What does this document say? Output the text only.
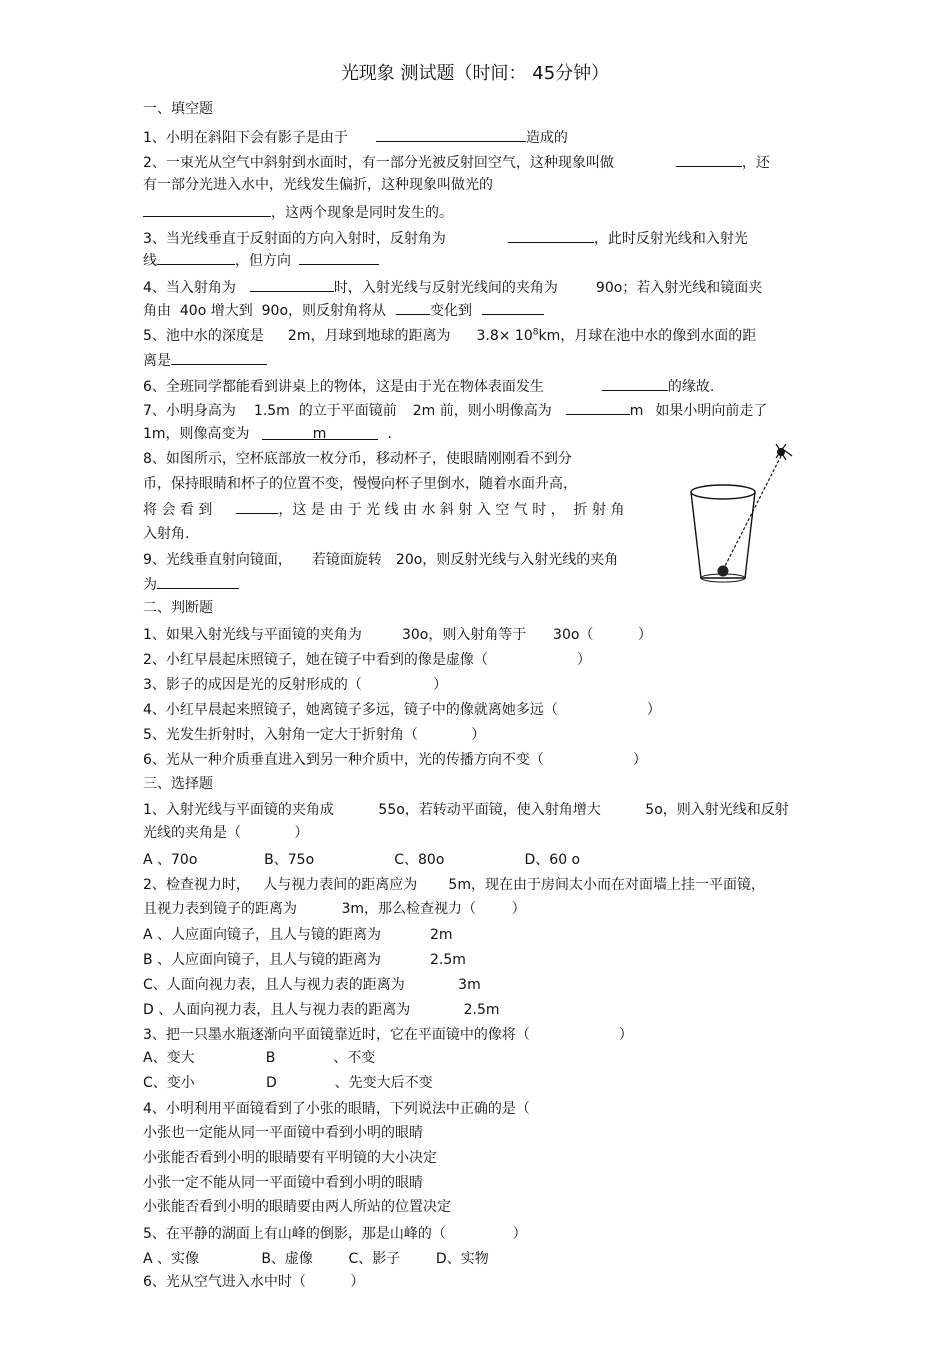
光现象 测试题（时间： 45分钟）
一、填空题
1、小明在斜阳下会有影子是由于	造成的
2、一束光从空气中斜射到水面时，有一部分光被反射回空气，这种现象叫做	，还
有一部分光进入水中，光线发生偏折，这种现象叫做光的
，这两个现象是同时发生的。
3、当光线垂直于反射面的方向入射时，反射角为	，此时反射光线和入射光
线	，但方向
4、当入射角为	时，入射光线与反射光线间的夹角为	90o；若入射光线和镜面夹
角由  40o 增大到  90o，则反射角将从	变化到
5、池中水的深度是 2m，月球到地球的距离为 $3.8\times 10^8km$，月球在池中水的像到水面的距
离是
6、全班同学都能看到讲桌上的物体，这是由于光在物体表面发生	的缘故.
7、小明身高为 1.5m  的立于平面镜前 2m 前，则小明像高为	m 如果小明向前走了
1m，则像高变为	m	.
8、如图所示，空杯底部放一枚分币，移动杯子，使眼睛刚刚看不到分
币，保持眼睛和杯子的位置不变，慢慢向杯子里倒水，随着水面升高，
将 会 看 到	，这 是 由 于 光 线 由 水 斜 射 入 空 气 时 ，  折 射 角
入射角.
9、光线垂直射向镜面， 若镜面旋转 20o，则反射光线与入射光线的夹角
为
二、判断题
1、如果入射光线与平面镜的夹角为         30o，则入射角等于      30o（          ）
2、小红早晨起床照镜子，她在镜子中看到的像是虚像（                    ）
3、影子的成因是光的反射形成的（                ）
4、小红早晨起来照镜子，她离镜子多远，镜子中的像就离她多远（                    ）
5、光发生折射时，入射角一定大于折射角（            ）
6、光从一种介质垂直进入到另一种介质中，光的传播方向不变（                    ）
三、选择题
1、入射光线与平面镜的夹角成          55o，若转动平面镜，使入射角增大          5o，则入射光线和反射
光线的夹角是（            ）
A 、70o               B、75o                  C、80o                  D、60 o
2、检查视力时，   人与视力表间的距离应为       5m，现在由于房间太小而在对面墙上挂一平面镜，
且视力表到镜子的距离为          3m，那么检查视力（        ）
A 、人应面向镜子，且人与镜的距离为           2m
B 、人应面向镜子，且人与镜的距离为           2.5m
C、人面向视力表，且人与视力表的距离为            3m
D 、人面向视力表，且人与视力表的距离为            2.5m
3、把一只墨水瓶逐渐向平面镜靠近时，它在平面镜中的像将（                    ）
A、变大                B             、不变
C、变小                D             、先变大后不变
4、小明利用平面镜看到了小张的眼睛，下列说法中正确的是（
小张也一定能从同一平面镜中看到小明的眼睛
小张能否看到小明的眼睛要有平明镜的大小决定
小张一定不能从同一平面镜中看到小明的眼睛
小张能否看到小明的眼睛要由两人所站的位置决定
5、在平静的湖面上有山峰的倒影，那是山峰的（               ）
A 、实像              B、虚像        C、影子        D、实物
6、光从空气进入水中时（          ）
